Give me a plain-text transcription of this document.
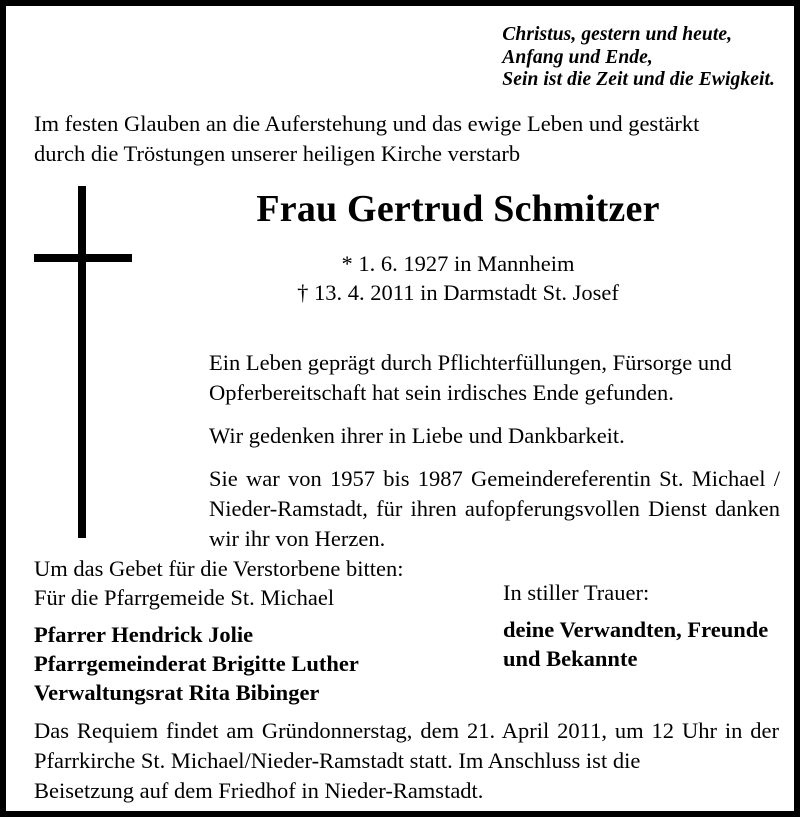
Christus, gestern und heute,
Anfang und Ende,
Sein ist die Zeit und die Ewigkeit.
Im festen Glauben an die Auferstehung und das ewige Leben und gestärkt
durch die Tröstungen unserer heiligen Kirche verstarb
Frau Gertrud Schmitzer
* 1. 6. 1927 in Mannheim
† 13. 4. 2011 in Darmstadt St. Josef

Ein Leben geprägt durch Pflichterfüllungen, Fürsorge und Opferbereitschaft hat sein irdisches Ende gefunden.

Wir gedenken ihrer in Liebe und Dankbarkeit.

Sie war von 1957 bis 1987 Gemeindereferentin St. Michael / Nieder-Ramstadt, für ihren aufopferungsvollen Dienst danken wir ihr von Herzen.

Um das Gebet für die Verstorbene bitten:
Für die Pfarrgemeide St. Michael
Pfarrer Hendrick Jolie
Pfarrgemeinderat Brigitte Luther
Verwaltungsrat Rita Bibinger
In stiller Trauer:
deine Verwandten, Freunde
und Bekannte
Das Requiem findet am Gründonnerstag, dem 21. April 2011, um 12 Uhr in der Pfarrkirche St. Michael/Nieder-Ramstadt statt. Im Anschluss ist die
Beisetzung auf dem Friedhof in Nieder-Ramstadt.
